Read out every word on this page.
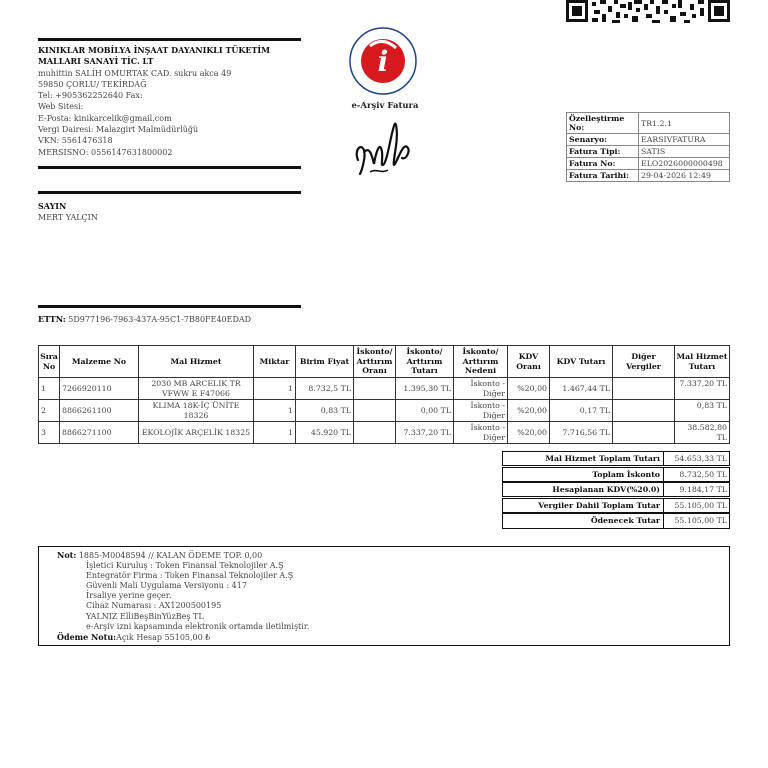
KINIKLAR MOBİLYA İNŞAAT DAYANIKLI TÜKETİM
MALLARI SANAYİ TİC. LT
muhittin SALİH OMURTAK CAD. sukru akca 49
59850 ÇORLU/ TEKİRDAĞ
Tel: +905362252640 Fax:
Web Sitesi:
E-Posta: kinikarcelik@gmail.com
Vergi Dairesi: Malazgirt Malmüdürlüğü
VKN: 5561476318
MERSISNO: 0556147631800002
i
e-Arşiv Fatura
Özelleştirme No:	TR1.2.1
Senaryo:	EARSIVFATURA
Fatura Tipi:	SATIS
Fatura No:	ELO2026000000498
Fatura Tarihi:	29-04-2026 12:49
SAYIN
MERT YALÇIN
ETTN: 5D977196-7963-437A-95C1-7B80FE40EDAD
Sıra No	Malzeme No	Mal Hizmet	Miktar	Birim Fiyat	İskonto/ Arttırım Oranı	İskonto/ Arttırım Tutarı	İskonto/ Arttırım Nedeni	KDV Oranı	KDV Tutarı	Diğer Vergiler	Mal Hizmet Tutarı
1	7266920110	2030 MB ARCELIK TR VFWW E F47066	1	8.732,5 TL		1.395,30 TL	İskonto - Diğer	%20,00	1.467,44 TL		7.337,20 TL
2	8866261100	KLIMA 18K-İÇ ÜNİTE 18326	1	0,83 TL		0,00 TL	İskonto - Diğer	%20,00	0,17 TL		0,83 TL
3	8866271100	EKOLOJİK ARÇELİK 18325	1	45.920 TL		7.337,20 TL	İskonto - Diğer	%20,00	7.716,56 TL		38.582,80 TL
Mal Hizmet Toplam Tutarı	54.653,33 TL
Toplam İskonto	8.732,50 TL
Hesaplanan KDV(%20.0)	9.184,17 TL
Vergiler Dahil Toplam Tutar	55.105,00 TL
Ödenecek Tutar	55.105,00 TL
Not: 1885-M0048594 // KALAN ÖDEME TOP. 0,00
İşletici Kuruluş : Token Finansal Teknolojiler A.Ş
Entegratör Firma : Token Finansal Teknolojiler A.Ş
Güvenli Mali Uygulama Versiyonu : 417
İrsaliye yerine geçer.
Cihaz Numarası : AX1200500195
YALNIZ ElliBeşBinYüzBeş TL
e-Arşiv izni kapsamında elektronik ortamda iletilmiştir.
Ödeme Notu:Açık Hesap 55105,00 ₺
